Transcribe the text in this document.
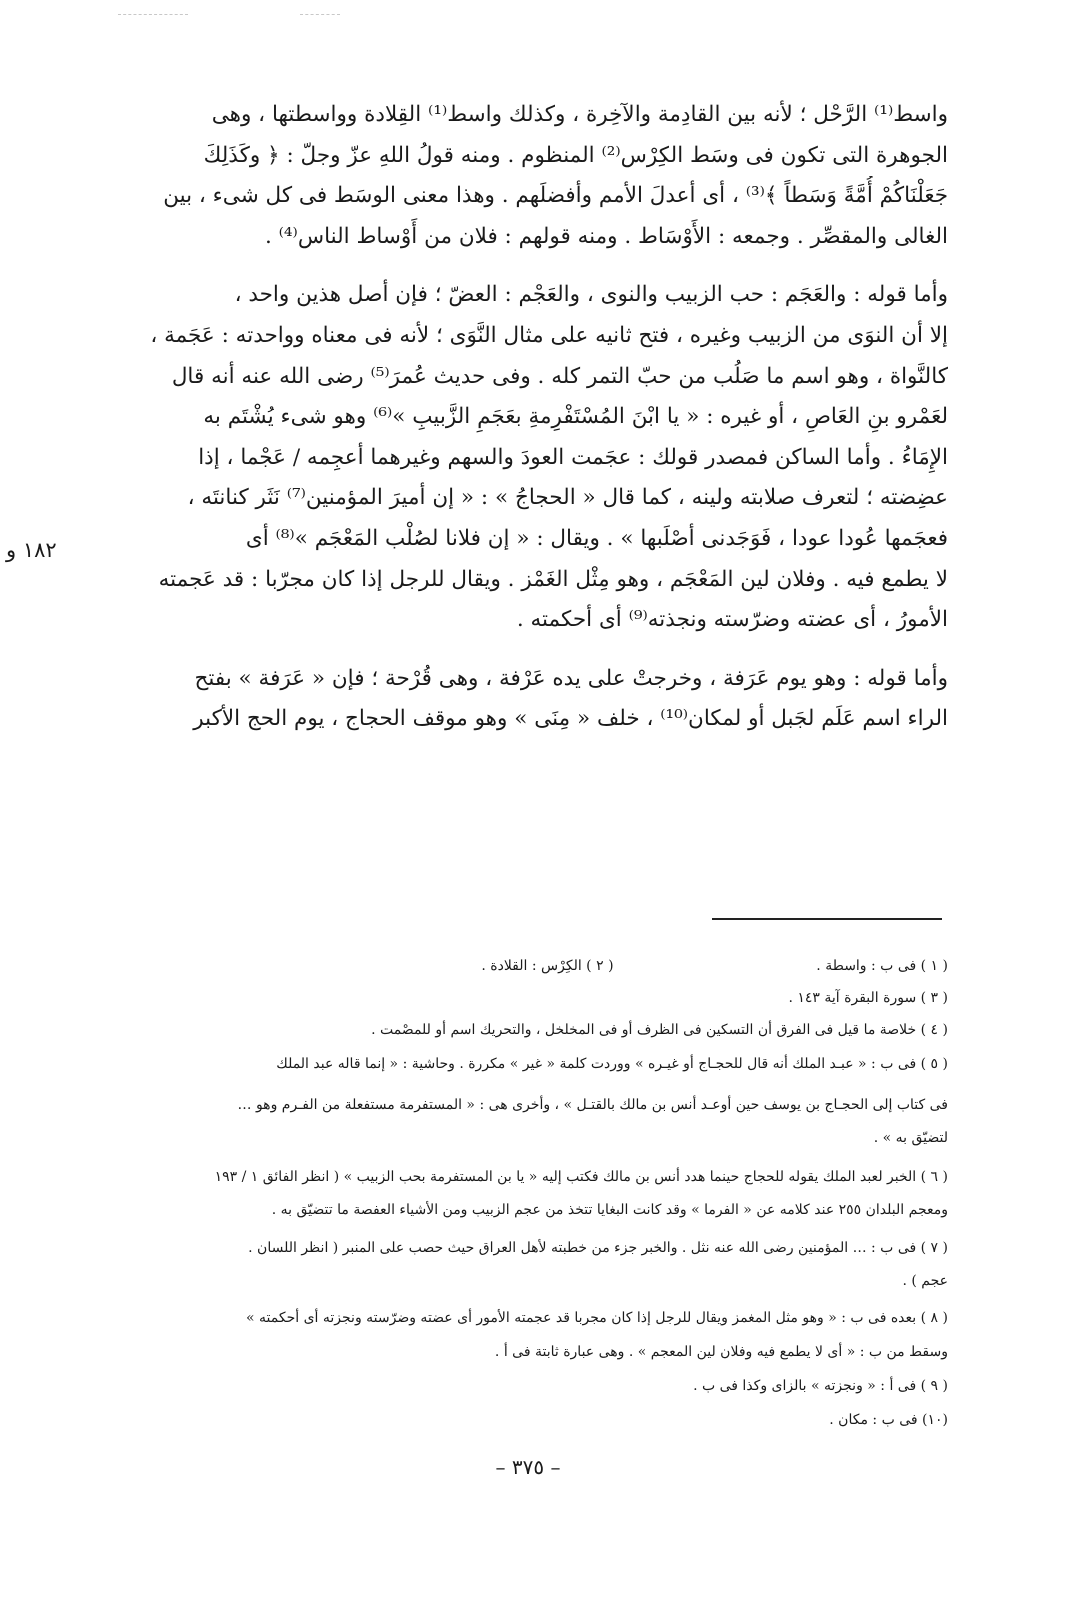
واسط⁽¹⁾ الرَّحْل ؛ لأنه بين القادِمة والآخِرة ، وكذلك واسط⁽¹⁾ القِلادة وواسطتها ، وهى
الجوهرة التى تكون فى وسَط الكِرْس⁽²⁾ المنظوم . ومنه قولُ اللهِ عزّ وجلّ : ﴿ وكَذَلِكَ
جَعَلْنَاكُمْ أُمَّةً وَسَطاً ﴾⁽³⁾ ، أى أعدلَ الأمم وأفضلَهم . وهذا معنى الوسَط فى كل شىء ، بين
الغالى والمقصِّر . وجمعه : الأَوْسَاط . ومنه قولهم : فلان من أَوْساط الناس⁽⁴⁾ .
وأما قوله : والعَجَم : حب الزبيب والنوى ، والعَجْم : العضّ ؛ فإن أصل هذين واحد ،
إلا أن النوَى من الزبيب وغيره ، فتح ثانيه على مثال النَّوَى ؛ لأنه فى معناه وواحدته : عَجَمة ،
كالنَّواة ، وهو اسم ما صَلُب من حبّ التمر كله . وفى حديث عُمرَ⁽⁵⁾ رضى الله عنه أنه قال
لعَمْرو بنِ العَاصِ ، أو غيره : « يا ابْنَ المُسْتَفْرِمةِ بعَجَمِ الزَّبيبِ »⁽⁶⁾ وهو شىء يُشْتَم به
الإِمَاءُ . وأما الساكن فمصدر قولك : عجَمت العودَ والسهم وغيرهما أعجِمه / عَجْما ، إذا
عضِضته ؛ لتعرف صلابته ولينه ، كما قال « الحجاجُ » : « إن أميرَ المؤمنين⁽⁷⁾ نَثَر كنانتَه ،
فعجَمها عُودا عودا ، فَوَجَدنى أصْلَبها » . ويقال : « إن فلانا لصُلْب المَعْجَم »⁽⁸⁾ أى
لا يطمع فيه . وفلان لين المَعْجَم ، وهو مِثْل الغَمْز . ويقال للرجل إذا كان مجرّبا : قد عَجمته
الأمورُ ، أى عضته وضرّسته ونجذته⁽⁹⁾ أى أحكمته .
وأما قوله : وهو يوم عَرَفة ، وخرجتْ على يده عَرْفة ، وهى قُرْحة ؛ فإن « عَرَفة » بفتح
الراء اسم عَلَم لجَبل أو لمكان⁽¹⁰⁾ ، خلف « مِنَى » وهو موقف الحجاج ، يوم الحج الأكبر
١٨٢ و
( ١ ) فى ب : واسطة . ( ٢ ) الكِرْس : القلادة .
( ٣ ) سورة البقرة آية ١٤٣ .
( ٤ ) خلاصة ما قيل فى الفرق أن التسكين فى الظرف أو فى المخلخل ، والتحريك اسم أو للمصْمت .
( ٥ ) فى ب : « عبـد الملك أنه قال للحجـاج أو غيـره » ووردت كلمة « غير » مكررة . وحاشية : « إنما قاله عبد الملك
فى كتاب إلى الحجـاج بن يوسف حين أوعـد أنس بن مالك بالقتـل » ، وأخرى هى : « المستفرمة مستفعلة من الفـرم وهو …
لتضيّق به » .
( ٦ ) الخبر لعبد الملك يقوله للحجاج حينما هدد أنس بن مالك فكتب إليه « يا بن المستفرمة بحب الزبيب » ( انظر الفائق ١ / ١٩٣
ومعجم البلدان ٢٥٥ عند كلامه عن « الفرما » وقد كانت البغايا تتخذ من عجم الزبيب ومن الأشياء العفصة ما تتضيّق به .
( ٧ ) فى ب : … المؤمنين رضى الله عنه نثل . والخبر جزء من خطبته لأهل العراق حيث حصب على المنبر ( انظر اللسان .
عجم ) .
( ٨ ) بعده فى ب : « وهو مثل المغمز ويقال للرجل إذا كان مجربا قد عجمته الأمور أى عضته وضرّسته ونجزته أى أحكمته »
وسقط من ب : « أى لا يطمع فيه وفلان لين المعجم » . وهى عبارة ثابتة فى أ .
( ٩ ) فى أ : « ونجزته » بالزاى وكذا فى ب .
(١٠) فى ب : مكان .
– ٣٧٥ –
